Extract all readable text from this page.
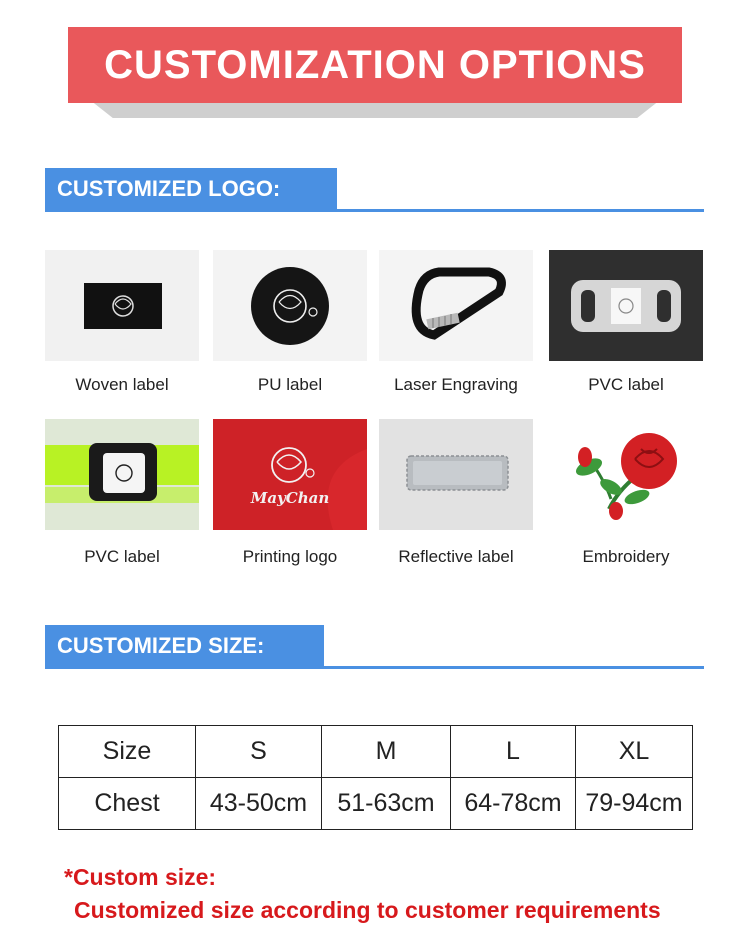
CUSTOMIZATION OPTIONS
CUSTOMIZED LOGO:
Woven label	PU label	Laser Engraving	PVC label
PVC label
MayChan
Printing logo	Reflective label	Embroidery
CUSTOMIZED SIZE:
Size	S	M	L	XL
Chest	43-50cm	51-63cm	64-78cm	79-94cm
*Custom size:
Customized size according to customer requirements
